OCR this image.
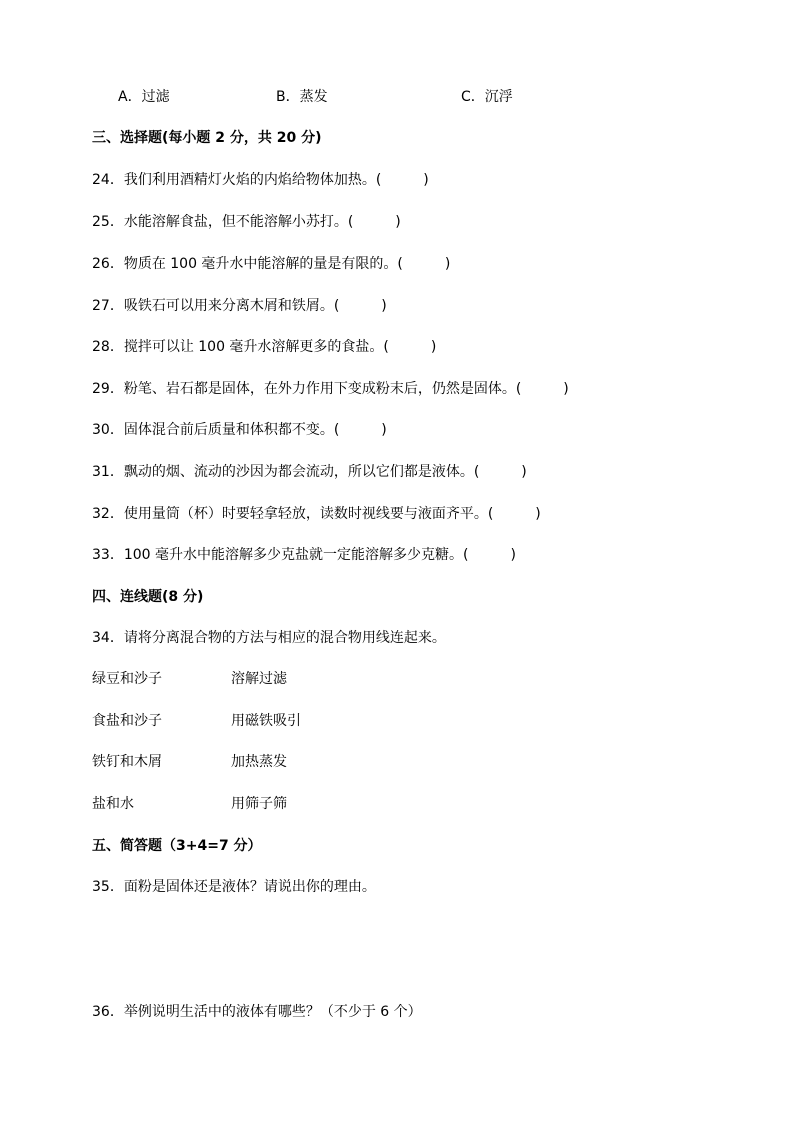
A．过滤	B．蒸发	C．沉浮
三、选择题(每小题 2 分，共 20 分)
24．我们利用酒精灯火焰的内焰给物体加热。(　　　)
25．水能溶解食盐，但不能溶解小苏打。(　　　)
26．物质在 100 毫升水中能溶解的量是有限的。(　　　)
27．吸铁石可以用来分离木屑和铁屑。(　　　)
28．搅拌可以让 100 毫升水溶解更多的食盐。(　　　)
29．粉笔、岩石都是固体，在外力作用下变成粉末后，仍然是固体。(　　　)
30．固体混合前后质量和体积都不变。(　　　)
31．飘动的烟、流动的沙因为都会流动，所以它们都是液体。(　　　)
32．使用量筒（杯）时要轻拿轻放，读数时视线要与液面齐平。(　　　)
33．100 毫升水中能溶解多少克盐就一定能溶解多少克糖。(　　　)
四、连线题(8 分)
34．请将分离混合物的方法与相应的混合物用线连起来。
绿豆和沙子	溶解过滤
食盐和沙子	用磁铁吸引
铁钉和木屑	加热蒸发
盐和水	用筛子筛
五、简答题（3+4=7 分）
35．面粉是固体还是液体？请说出你的理由。
36．举例说明生活中的液体有哪些？（不少于 6 个）
